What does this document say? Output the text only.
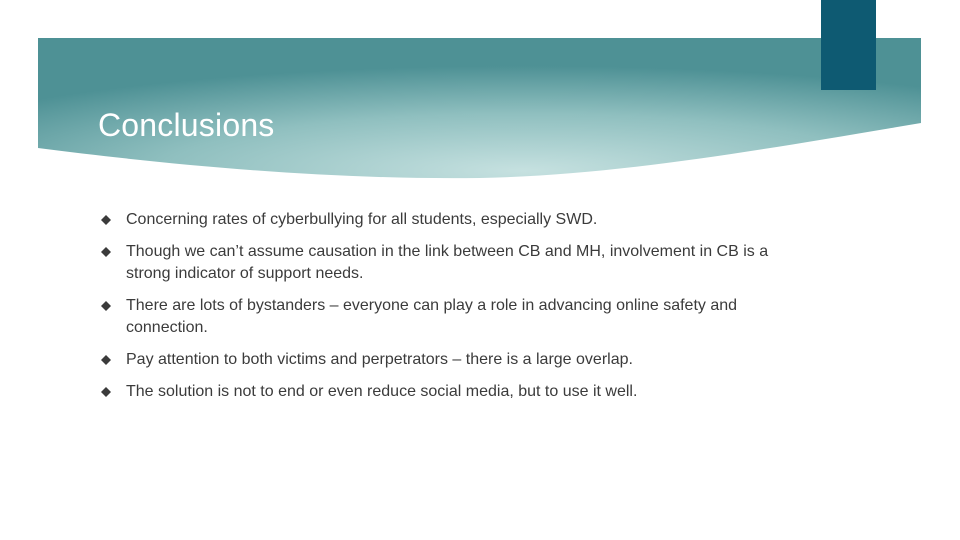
Conclusions
Concerning rates of cyberbullying for all students, especially SWD.
Though we can’t assume causation in the link between CB and MH, involvement in CB is a strong indicator of support needs.
There are lots of bystanders – everyone can play a role in advancing online safety and connection.
Pay attention to both victims and perpetrators – there is a large overlap.
The solution is not to end or even reduce social media, but to use it well.
